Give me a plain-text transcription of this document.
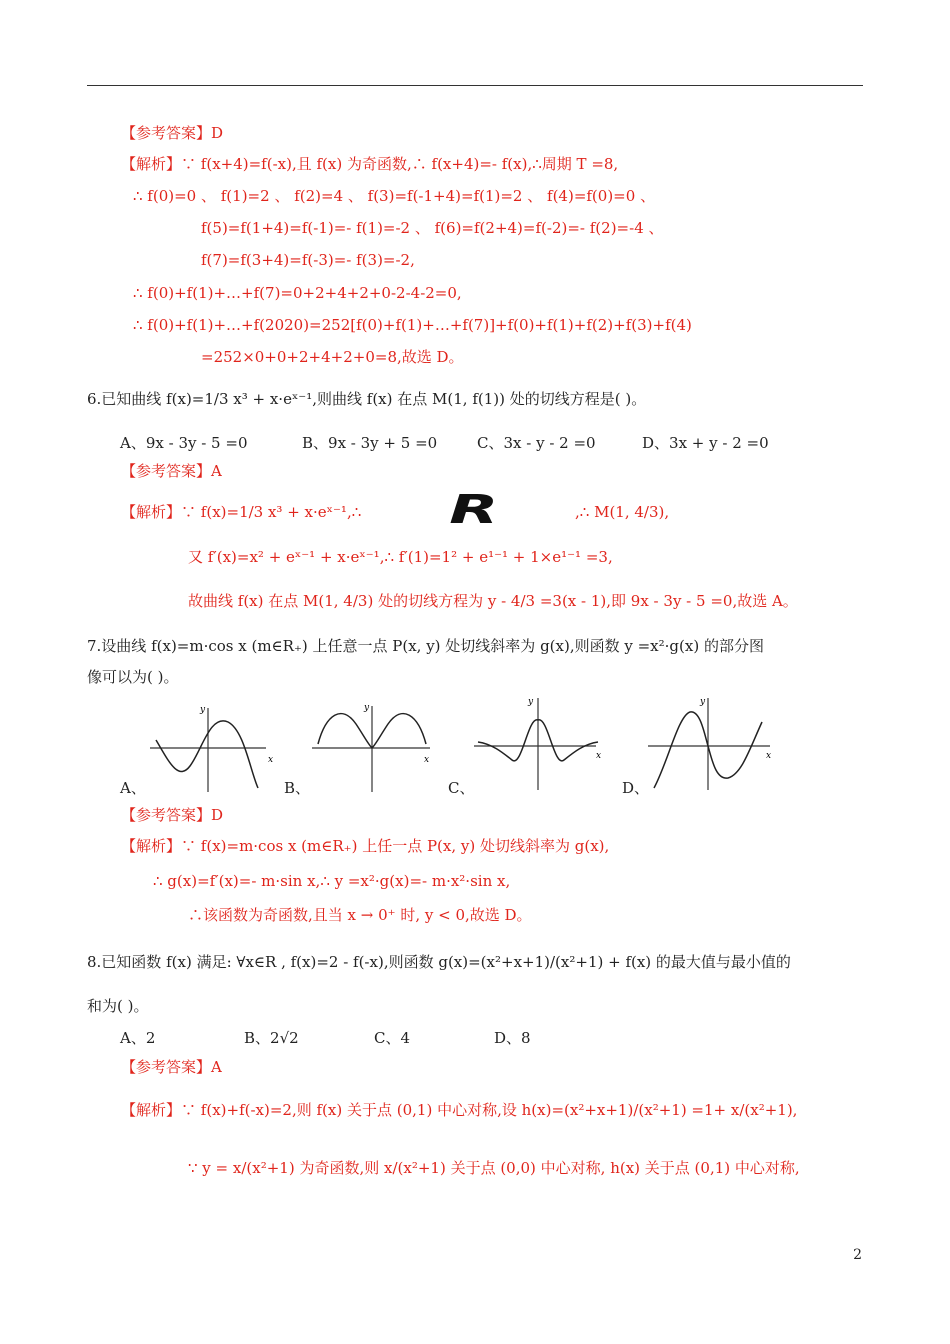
【参考答案】D
【解析】∵ f(x+4)=f(-x),且 f(x) 为奇函数,∴ f(x+4)=- f(x),∴周期 T =8,
∴ f(0)=0 、 f(1)=2 、 f(2)=4 、 f(3)=f(-1+4)=f(1)=2 、 f(4)=f(0)=0 、
f(5)=f(1+4)=f(-1)=- f(1)=-2 、 f(6)=f(2+4)=f(-2)=- f(2)=-4 、
f(7)=f(3+4)=f(-3)=- f(3)=-2,
∴ f(0)+f(1)+…+f(7)=0+2+4+2+0-2-4-2=0,
∴ f(0)+f(1)+…+f(2020)=252[f(0)+f(1)+…+f(7)]+f(0)+f(1)+f(2)+f(3)+f(4)
=252×0+0+2+4+2+0=8,故选 D。
6.已知曲线 f(x)=1/3 x³ + x·eˣ⁻¹,则曲线 f(x) 在点 M(1, f(1)) 处的切线方程是( )。
A、9x - 3y - 5 =0	B、9x - 3y + 5 =0	C、3x - y - 2 =0	D、3x + y - 2 =0
【参考答案】A
【解析】∵ f(x)=1/3 x³ + x·eˣ⁻¹,∴ R	,∴ M(1, 4/3),
又 f′(x)=x² + eˣ⁻¹ + x·eˣ⁻¹,∴ f′(1)=1² + e¹⁻¹ + 1×e¹⁻¹ =3,
故曲线 f(x) 在点 M(1, 4/3) 处的切线方程为 y - 4/3 =3(x - 1),即 9x - 3y - 5 =0,故选 A。
7.设曲线 f(x)=m·cos x (m∈R₊) 上任意一点 P(x, y) 处切线斜率为 g(x),则函数 y =x²·g(x) 的部分图
像可以为( )。
x
y
x
y
x
y
x
y
A、	B、	C、	D、
【参考答案】D
【解析】∵ f(x)=m·cos x (m∈R₊) 上任一点 P(x, y) 处切线斜率为 g(x),
∴ g(x)=f′(x)=- m·sin x,∴ y =x²·g(x)=- m·x²·sin x,
∴该函数为奇函数,且当 x → 0⁺ 时, y < 0,故选 D。
8.已知函数 f(x) 满足: ∀x∈R , f(x)=2 - f(-x),则函数 g(x)=(x²+x+1)/(x²+1) + f(x) 的最大值与最小值的
和为( )。
A、2	B、2√2	C、4	D、8
【参考答案】A
【解析】∵ f(x)+f(-x)=2,则 f(x) 关于点 (0,1) 中心对称,设 h(x)=(x²+x+1)/(x²+1) =1+ x/(x²+1),
∵ y = x/(x²+1) 为奇函数,则 x/(x²+1) 关于点 (0,0) 中心对称, h(x) 关于点 (0,1) 中心对称,
2
